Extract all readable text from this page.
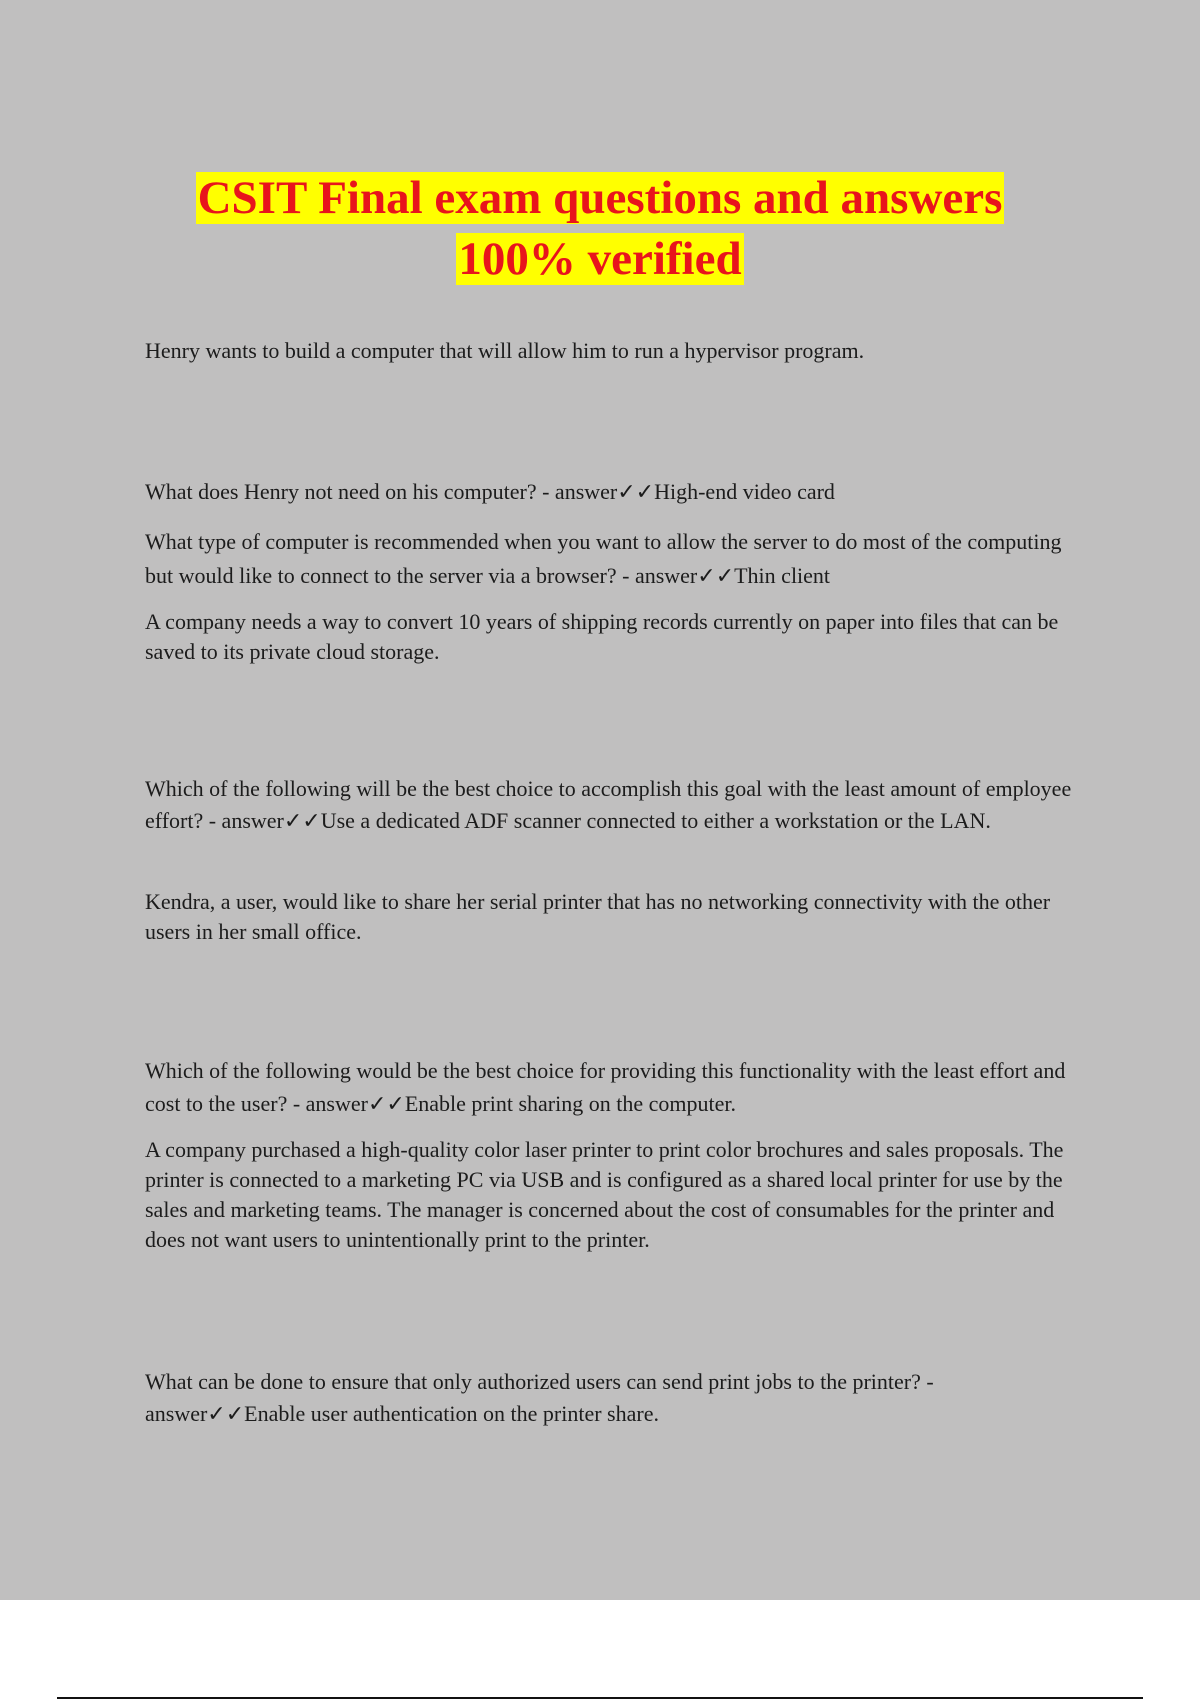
CSIT Final exam questions and answers
100% verified

Henry wants to build a computer that will allow him to run a hypervisor program.

What does Henry not need on his computer? - answer✓✓High-end video card

What type of computer is recommended when you want to allow the server to do most of the computing but would like to connect to the server via a browser? - answer✓✓Thin client

A company needs a way to convert 10 years of shipping records currently on paper into files that can be saved to its private cloud storage.

Which of the following will be the best choice to accomplish this goal with the least amount of employee effort? - answer✓✓Use a dedicated ADF scanner connected to either a workstation or the LAN.

Kendra, a user, would like to share her serial printer that has no networking connectivity with the other users in her small office.

Which of the following would be the best choice for providing this functionality with the least effort and cost to the user? - answer✓✓Enable print sharing on the computer.

A company purchased a high-quality color laser printer to print color brochures and sales proposals. The printer is connected to a marketing PC via USB and is configured as a shared local printer for use by the sales and marketing teams. The manager is concerned about the cost of consumables for the printer and does not want users to unintentionally print to the printer.

What can be done to ensure that only authorized users can send print jobs to the printer? - answer✓✓Enable user authentication on the printer share.
